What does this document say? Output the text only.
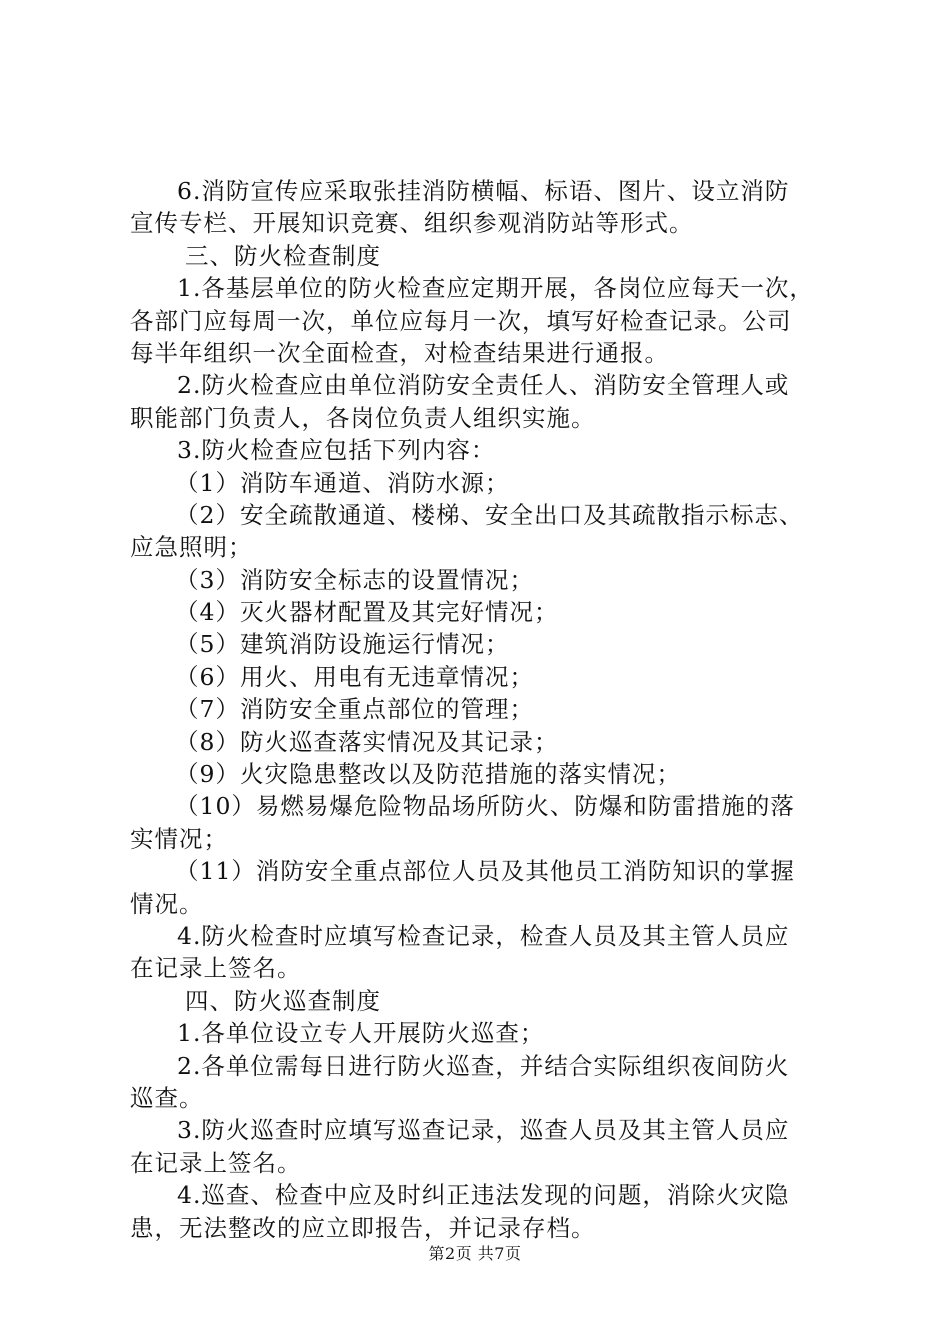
6.消防宣传应采取张挂消防横幅、标语、图片、设立消防
宣传专栏、开展知识竞赛、组织参观消防站等形式。
三、防火检查制度
1.各基层单位的防火检查应定期开展，各岗位应每天一次，
各部门应每周一次，单位应每月一次，填写好检查记录。公司
每半年组织一次全面检查，对检查结果进行通报。
2.防火检查应由单位消防安全责任人、消防安全管理人或
职能部门负责人，各岗位负责人组织实施。
3.防火检查应包括下列内容：
（1）消防车通道、消防水源；
（2）安全疏散通道、楼梯、安全出口及其疏散指示标志、
应急照明；
（3）消防安全标志的设置情况；
（4）灭火器材配置及其完好情况；
（5）建筑消防设施运行情况；
（6）用火、用电有无违章情况；
（7）消防安全重点部位的管理；
（8）防火巡查落实情况及其记录；
（9）火灾隐患整改以及防范措施的落实情况；
（10）易燃易爆危险物品场所防火、防爆和防雷措施的落
实情况；
（11）消防安全重点部位人员及其他员工消防知识的掌握
情况。
4.防火检查时应填写检查记录，检查人员及其主管人员应
在记录上签名。
四、防火巡查制度
1.各单位设立专人开展防火巡查；
2.各单位需每日进行防火巡查，并结合实际组织夜间防火
巡查。
3.防火巡查时应填写巡查记录，巡查人员及其主管人员应
在记录上签名。
4.巡查、检查中应及时纠正违法发现的问题，消除火灾隐
患，无法整改的应立即报告，并记录存档。
第2页 共7页
